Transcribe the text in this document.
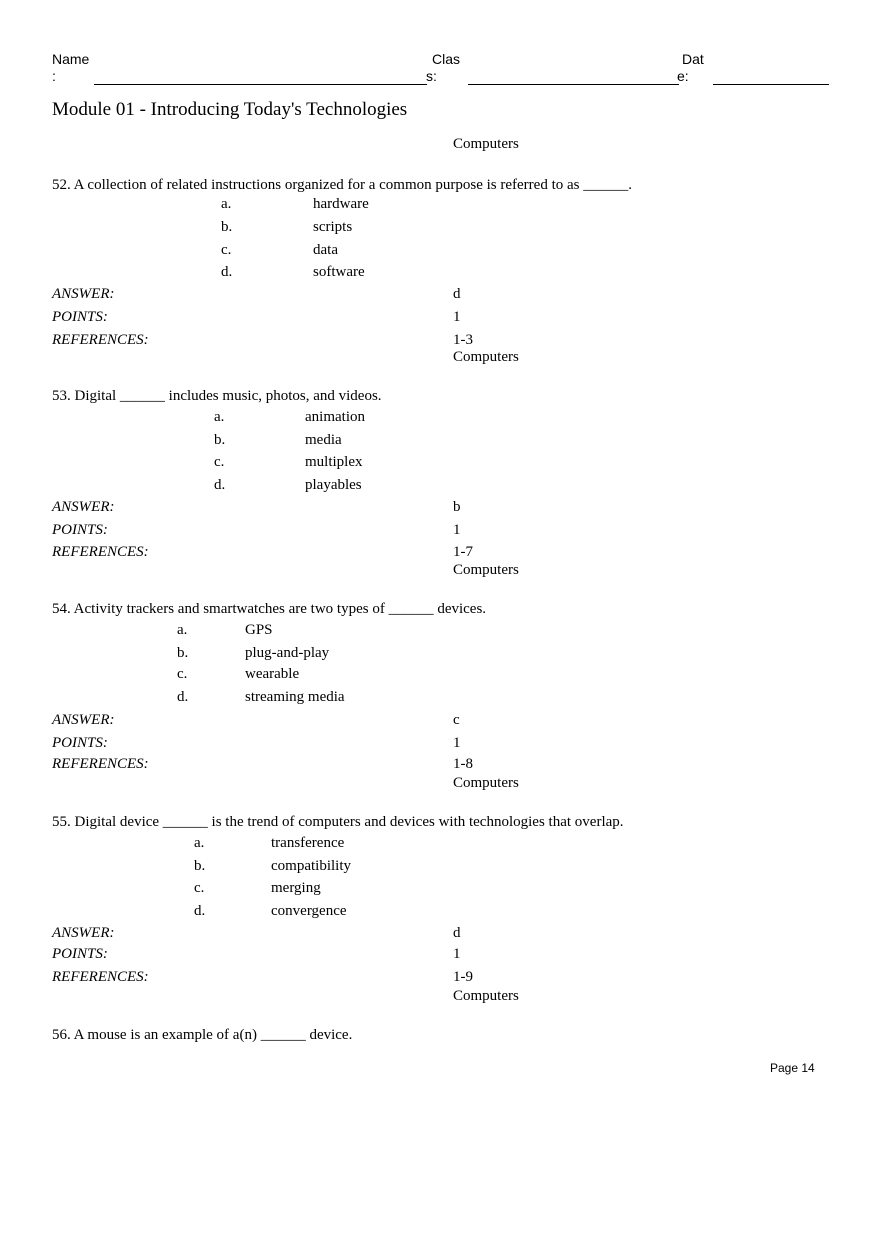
Name
:
Clas
s:
Dat
e:
Module 01 - Introducing Today's Technologies
Computers
52. A collection of related instructions organized for a common purpose is referred to as ______.
a.	hardware
b.	scripts
c.	data
d.	software
ANSWER:	d
POINTS:	1
REFERENCES:	1-3
Computers
53. Digital ______ includes music, photos, and videos.
a.	animation
b.	media
c.	multiplex
d.	playables
ANSWER:	b
POINTS:	1
REFERENCES:	1-7
Computers
54. Activity trackers and smartwatches are two types of ______ devices.
a.	GPS
b.	plug-and-play
c.	wearable
d.	streaming media
ANSWER:	c
POINTS:	1
REFERENCES:	1-8
Computers
55. Digital device ______ is the trend of computers and devices with technologies that overlap.
a.	transference
b.	compatibility
c.	merging
d.	convergence
ANSWER:	d
POINTS:	1
REFERENCES:	1-9
Computers
56. A mouse is an example of a(n) ______ device.
Page 14
